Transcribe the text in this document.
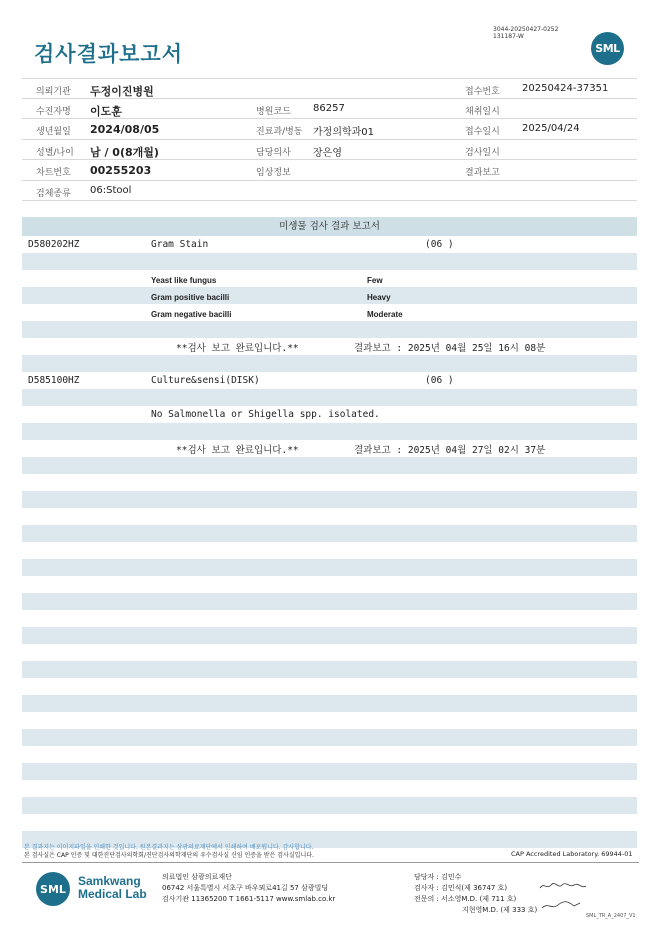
검사결과보고서
3044-20250427-0252
131187-W
SML
의뢰기관 두정이진병원	접수번호 20250424-37351
수진자명 이도훈	병원코드 86257	채취일시
생년월일 2024/08/05	진료과/병동 가정의학과01	접수일시 2025/04/24
성별/나이 남 / 0(8개월)	담당의사 장은영	검사일시
차트번호 00255203	임상정보	결과보고
검체종류 06:Stool
미생물 검사 결과 보고서
D580202HZ	Gram Stain	(06 )
Yeast like fungus	Few
Gram positive bacilli	Heavy
Gram negative bacilli	Moderate
**검사 보고 완료입니다.**	결과보고 : 2025년 04월 25일 16시 08분
D585100HZ	Culture&sensi(DISK)	(06 )
No Salmonella or Shigella spp. isolated.
**검사 보고 완료입니다.**	결과보고 : 2025년 04월 27일 02시 37분
본 결과지는 이미지파일을 인쇄한 것입니다. 원본결과지는 삼광의료재단에서 인쇄하여 배포됩니다. 감사합니다.
본 검사실은 CAP 인증 및 대한진단검사의학회/진단검사의학재단의 우수검사실 신임 인증을 받은 검사실입니다.	CAP Accredited Laboratory. 69944-01
SML
Samkwang
Medical Lab
의료법인 삼광의료재단
06742 서울특별시 서초구 바우뫼로41길 57 삼광빌딩
검사기관 11365200 T 1661-5117 www.smlab.co.kr
담당자 : 김민수
검사자 : 김민식(제 36747 호)
전문의 : 서소영M.D. (제 711 호)
지현영M.D. (제 333 호)
SML_TR_A_2407_V1
